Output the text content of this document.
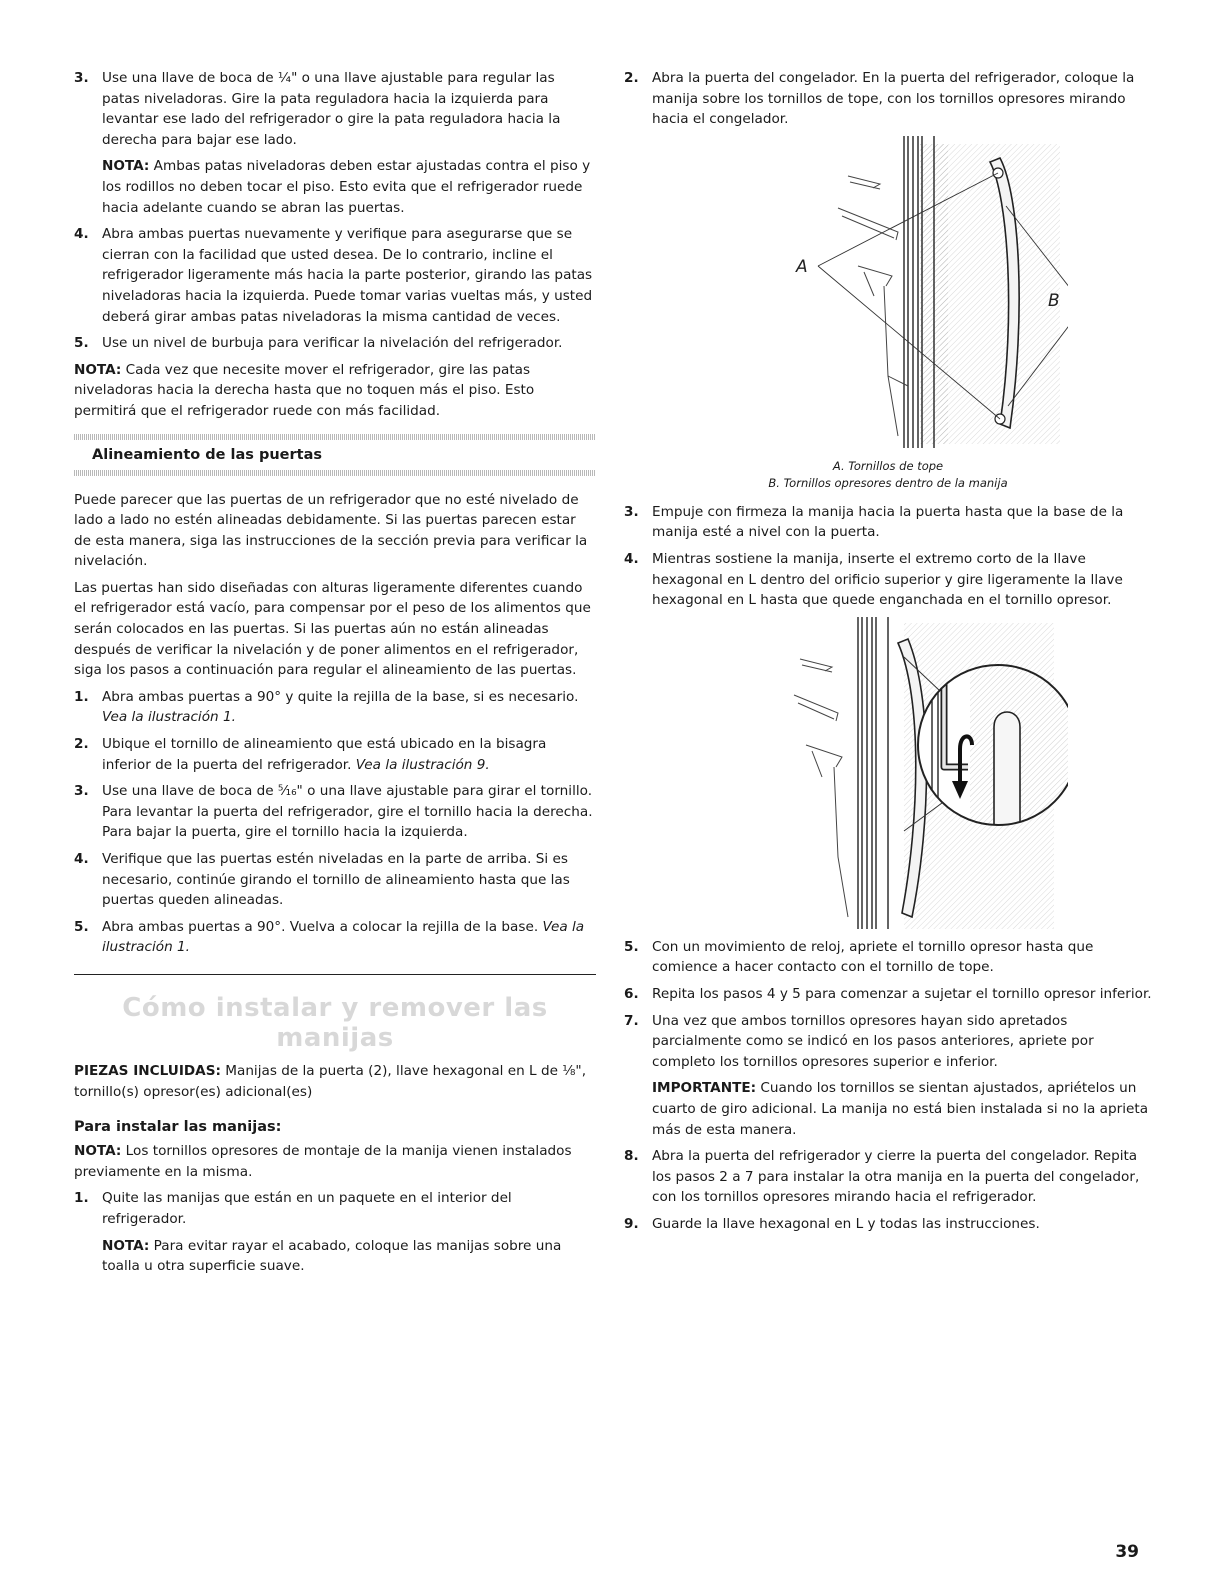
3. Use una llave de boca de ¼" o una llave ajustable para regular las patas niveladoras. Gire la pata reguladora hacia la izquierda para levantar ese lado del refrigerador o gire la pata reguladora hacia la derecha para bajar ese lado.

NOTA: Ambas patas niveladoras deben estar ajustadas contra el piso y los rodillos no deben tocar el piso. Esto evita que el refrigerador ruede hacia adelante cuando se abran las puertas.

4. Abra ambas puertas nuevamente y verifique para asegurarse que se cierran con la facilidad que usted desea. De lo contrario, incline el refrigerador ligeramente más hacia la parte posterior, girando las patas niveladoras hacia la izquierda. Puede tomar varias vueltas más, y usted deberá girar ambas patas niveladoras la misma cantidad de veces.

5. Use un nivel de burbuja para verificar la nivelación del refrigerador.

NOTA: Cada vez que necesite mover el refrigerador, gire las patas niveladoras hacia la derecha hasta que no toquen más el piso. Esto permitirá que el refrigerador ruede con más facilidad.

Alineamiento de las puertas

Puede parecer que las puertas de un refrigerador que no esté nivelado de lado a lado no estén alineadas debidamente. Si las puertas parecen estar de esta manera, siga las instrucciones de la sección previa para verificar la nivelación.

Las puertas han sido diseñadas con alturas ligeramente diferentes cuando el refrigerador está vacío, para compensar por el peso de los alimentos que serán colocados en las puertas. Si las puertas aún no están alineadas después de verificar la nivelación y de poner alimentos en el refrigerador, siga los pasos a continuación para regular el alineamiento de las puertas.

1. Abra ambas puertas a 90° y quite la rejilla de la base, si es necesario. Vea la ilustración 1.

2. Ubique el tornillo de alineamiento que está ubicado en la bisagra inferior de la puerta del refrigerador. Vea la ilustración 9.

3. Use una llave de boca de ⁵⁄₁₆" o una llave ajustable para girar el tornillo. Para levantar la puerta del refrigerador, gire el tornillo hacia la derecha. Para bajar la puerta, gire el tornillo hacia la izquierda.

4. Verifique que las puertas estén niveladas en la parte de arriba. Si es necesario, continúe girando el tornillo de alineamiento hasta que las puertas queden alineadas.

5. Abra ambas puertas a 90°. Vuelva a colocar la rejilla de la base. Vea la ilustración 1.

Cómo instalar y remover las manijas

PIEZAS INCLUIDAS: Manijas de la puerta (2), llave hexagonal en L de ⅛", tornillo(s) opresor(es) adicional(es)

Para instalar las manijas:

NOTA: Los tornillos opresores de montaje de la manija vienen instalados previamente en la misma.

1. Quite las manijas que están en un paquete en el interior del refrigerador.

NOTA: Para evitar rayar el acabado, coloque las manijas sobre una toalla u otra superficie suave.

2. Abra la puerta del congelador. En la puerta del refrigerador, coloque la manija sobre los tornillos de tope, con los tornillos opresores mirando hacia el congelador.

A
B
A. Tornillos de tope
B. Tornillos opresores dentro de la manija
3. Empuje con firmeza la manija hacia la puerta hasta que la base de la manija esté a nivel con la puerta.

4. Mientras sostiene la manija, inserte el extremo corto de la llave hexagonal en L dentro del orificio superior y gire ligeramente la llave hexagonal en L hasta que quede enganchada en el tornillo opresor.

5. Con un movimiento de reloj, apriete el tornillo opresor hasta que comience a hacer contacto con el tornillo de tope.

6. Repita los pasos 4 y 5 para comenzar a sujetar el tornillo opresor inferior.

7. Una vez que ambos tornillos opresores hayan sido apretados parcialmente como se indicó en los pasos anteriores, apriete por completo los tornillos opresores superior e inferior.

IMPORTANTE: Cuando los tornillos se sientan ajustados, apriételos un cuarto de giro adicional. La manija no está bien instalada si no la aprieta más de esta manera.

8. Abra la puerta del refrigerador y cierre la puerta del congelador. Repita los pasos 2 a 7 para instalar la otra manija en la puerta del congelador, con los tornillos opresores mirando hacia el refrigerador.

9. Guarde la llave hexagonal en L y todas las instrucciones.

39
